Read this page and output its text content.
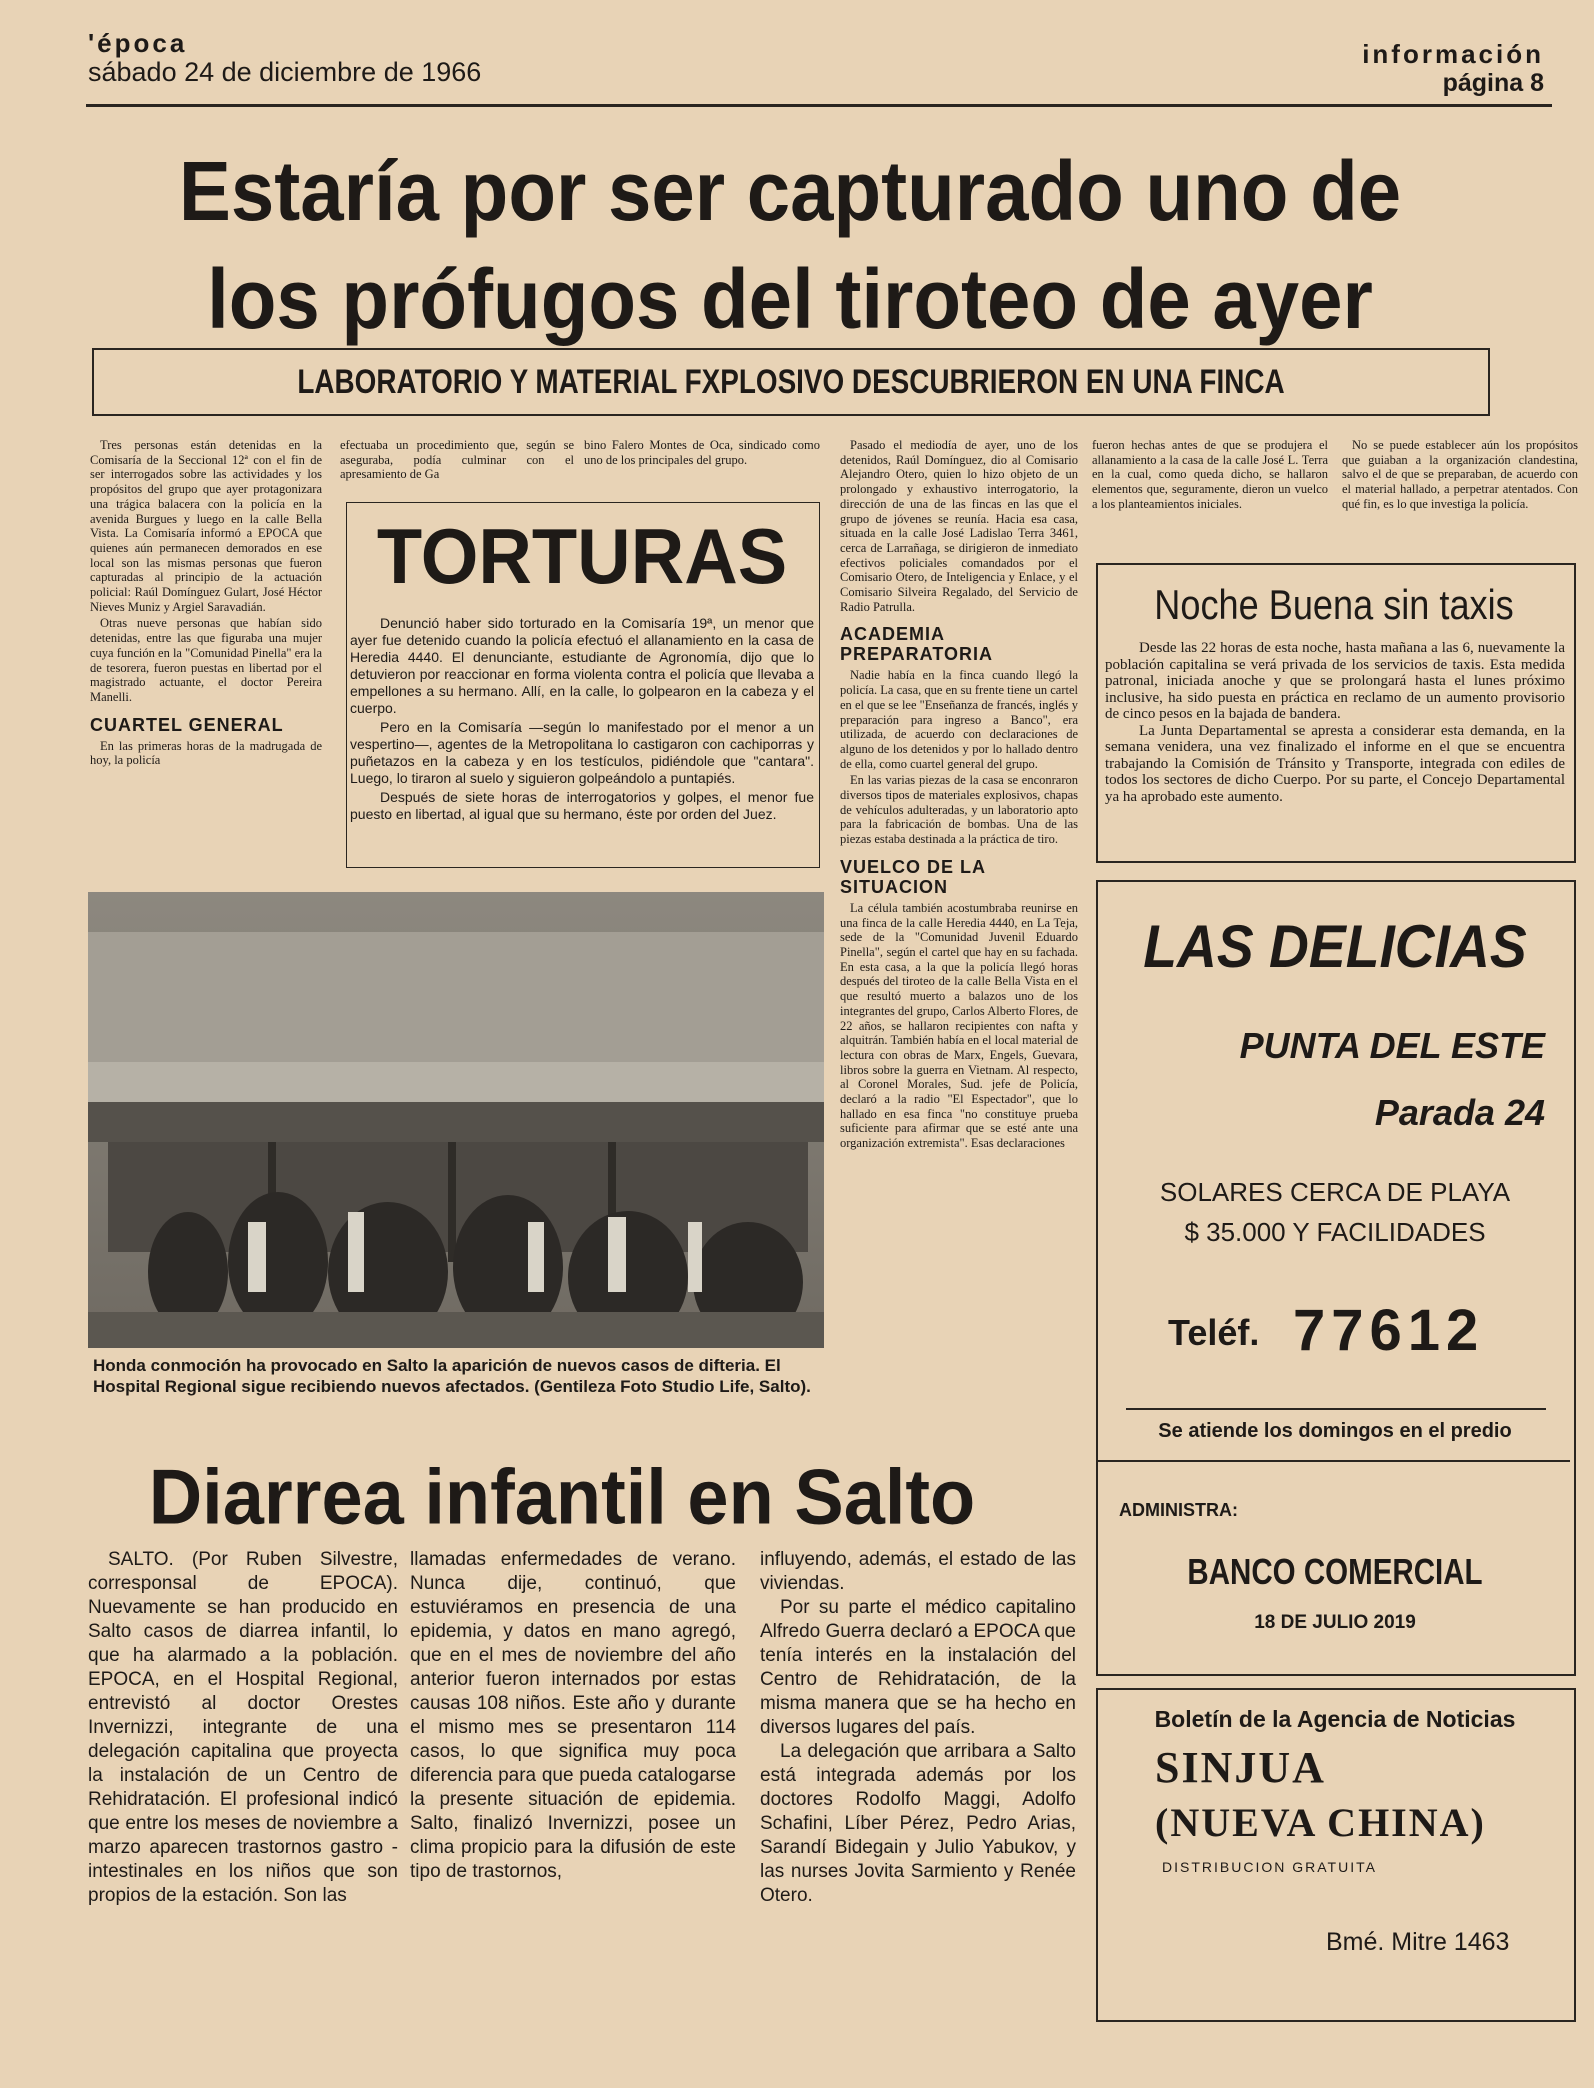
'época
sábado 24 de diciembre de 1966
información
página 8
Estaría por ser capturado uno de
los prófugos del tiroteo de ayer
LABORATORIO Y MATERIAL FXPLOSIVO DESCUBRIERON EN UNA FINCA

Tres personas están detenidas en la Comisaría de la Seccional 12ª con el fin de ser interrogados sobre las actividades y los propósitos del grupo que ayer protagonizara una trágica balacera con la policía en la avenida Burgues y luego en la calle Bella Vista. La Comisaría informó a EPOCA que quienes aún permanecen demorados en ese local son las mismas personas que fueron capturadas al principio de la actuación policial: Raúl Domínguez Gulart, José Héctor Nieves Muniz y Argiel Saravadián.

Otras nueve personas que habían sido detenidas, entre las que figuraba una mujer cuya función en la "Comunidad Pinella" era la de tesorera, fueron puestas en libertad por el magistrado actuante, el doctor Pereira Manelli.

CUARTEL GENERAL

En las primeras horas de la madrugada de hoy, la policía

efectuaba un procedimiento que, según se aseguraba, podía culminar con el apresamiento de Ga

bino Falero Montes de Oca, sindicado como uno de los principales del grupo.

TORTURAS

Denunció haber sido torturado en la Comisaría 19ª, un menor que ayer fue detenido cuando la policía efectuó el allanamiento en la casa de Heredia 4440. El denunciante, estudiante de Agronomía, dijo que lo detuvieron por reaccionar en forma violenta contra el policía que llevaba a empellones a su hermano. Allí, en la calle, lo golpearon en la cabeza y el cuerpo.

Pero en la Comisaría —según lo manifestado por el menor a un vespertino—, agentes de la Metropolitana lo castigaron con cachiporras y puñetazos en la cabeza y en los testículos, pidiéndole que "cantara". Luego, lo tiraron al suelo y siguieron golpeándolo a puntapiés.

Después de siete horas de interrogatorios y golpes, el menor fue puesto en libertad, al igual que su hermano, éste por orden del Juez.

Pasado el mediodía de ayer, uno de los detenidos, Raúl Domínguez, dio al Comisario Alejandro Otero, quien lo hizo objeto de un prolongado y exhaustivo interrogatorio, la dirección de una de las fincas en las que el grupo de jóvenes se reunía. Hacia esa casa, situada en la calle José Ladislao Terra 3461, cerca de Larrañaga, se dirigieron de inmediato efectivos policiales comandados por el Comisario Otero, de Inteligencia y Enlace, y el Comisario Silveira Regalado, del Servicio de Radio Patrulla.

ACADEMIA PREPARATORIA

Nadie había en la finca cuando llegó la policía. La casa, que en su frente tiene un cartel en el que se lee "Enseñanza de francés, inglés y preparación para ingreso a Banco", era utilizada, de acuerdo con declaraciones de alguno de los detenidos y por lo hallado dentro de ella, como cuartel general del grupo.

En las varias piezas de la casa se enconraron diversos tipos de materiales explosivos, chapas de vehículos adulteradas, y un laboratorio apto para la fabricación de bombas. Una de las piezas estaba destinada a la práctica de tiro.

VUELCO DE LA SITUACION

La célula también acostumbraba reunirse en una finca de la calle Heredia 4440, en La Teja, sede de la "Comunidad Juvenil Eduardo Pinella", según el cartel que hay en su fachada. En esta casa, a la que la policía llegó horas después del tiroteo de la calle Bella Vista en el que resultó muerto a balazos uno de los integrantes del grupo, Carlos Alberto Flores, de 22 años, se hallaron recipientes con nafta y alquitrán. También había en el local material de lectura con obras de Marx, Engels, Guevara, libros sobre la guerra en Vietnam. Al respecto, al Coronel Morales, Sud. jefe de Policía, declaró a la radio "El Espectador", que lo hallado en esa finca "no constituye prueba suficiente para afirmar que se esté ante una organización extremista". Esas declaraciones

fueron hechas antes de que se produjera el allanamiento a la casa de la calle José L. Terra en la cual, como queda dicho, se hallaron elementos que, seguramente, dieron un vuelco a los planteamientos iniciales.

No se puede establecer aún los propósitos que guiaban a la organización clandestina, salvo el de que se preparaban, de acuerdo con el material hallado, a perpetrar atentados. Con qué fin, es lo que investiga la policía.

Honda conmoción ha provocado en Salto la aparición de nuevos casos de difteria. El Hospital Regional sigue recibiendo nuevos afectados. (Gentileza Foto Studio Life, Salto).
Diarrea infantil en Salto

SALTO. (Por Ruben Silvestre, corresponsal de EPOCA). Nuevamente se han producido en Salto casos de diarrea infantil, lo que ha alarmado a la población. EPOCA, en el Hospital Regional, entrevistó al doctor Orestes Invernizzi, integrante de una delegación capitalina que proyecta la instalación de un Centro de Rehidratación. El profesional indicó que entre los meses de noviembre a marzo aparecen trastornos gastro - intestinales en los niños que son propios de la estación. Son las

llamadas enfermedades de verano. Nunca dije, continuó, que estuviéramos en presencia de una epidemia, y datos en mano agregó, que en el mes de noviembre del año anterior fueron internados por estas causas 108 niños. Este año y durante el mismo mes se presentaron 114 casos, lo que significa muy poca diferencia para que pueda catalogarse la presente situación de epidemia. Salto, finalizó Invernizzi, posee un clima propicio para la difusión de este tipo de trastornos,

influyendo, además, el estado de las viviendas.

Por su parte el médico capitalino Alfredo Guerra declaró a EPOCA que tenía interés en la instalación del Centro de Rehidratación, de la misma manera que se ha hecho en diversos lugares del país.

La delegación que arribara a Salto está integrada además por los doctores Rodolfo Maggi, Adolfo Schafini, Líber Pérez, Pedro Arias, Sarandí Bidegain y Julio Yabukov, y las nurses Jovita Sarmiento y Renée Otero.

Noche Buena sin taxis

Desde las 22 horas de esta noche, hasta mañana a las 6, nuevamente la población capitalina se verá privada de los servicios de taxis. Esta medida patronal, iniciada anoche y que se prolongará hasta el lunes próximo inclusive, ha sido puesta en práctica en reclamo de un aumento provisorio de cinco pesos en la bajada de bandera.

La Junta Departamental se apresta a considerar esta demanda, en la semana venidera, una vez finalizado el informe en el que se encuentra trabajando la Comisión de Tránsito y Transporte, integrada con ediles de todos los sectores de dicho Cuerpo. Por su parte, el Concejo Departamental ya ha aprobado este aumento.

LAS DELICIAS
PUNTA DEL ESTE
Parada 24
SOLARES CERCA DE PLAYA
$ 35.000 Y FACILIDADES
Teléf. 77612
Se atiende los domingos en el predio
ADMINISTRA:
BANCO COMERCIAL
18 DE JULIO 2019
Boletín de la Agencia de Noticias
SINJUA
(NUEVA CHINA)
DISTRIBUCION GRATUITA
Bmé. Mitre 1463
